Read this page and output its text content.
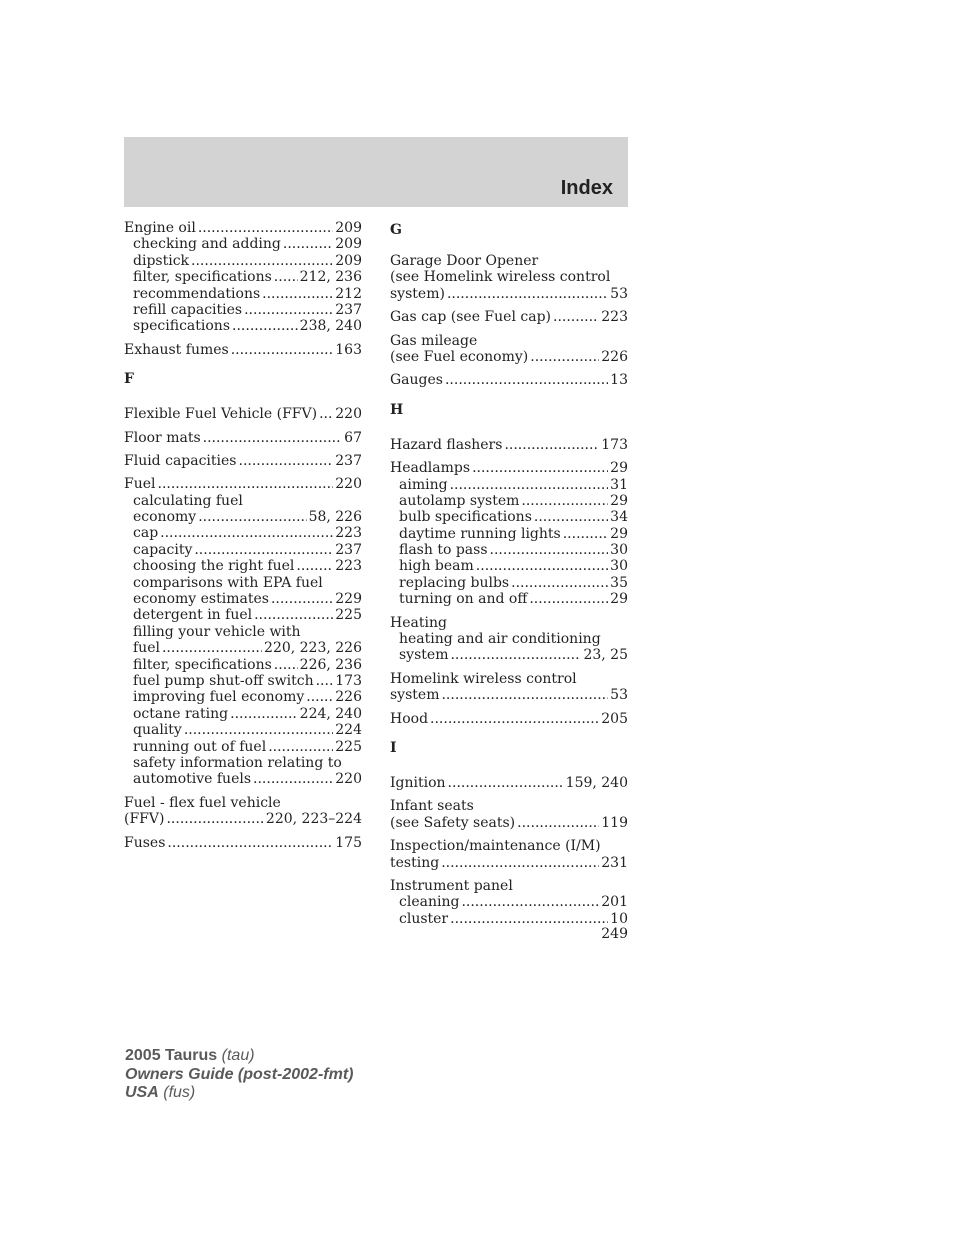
Index
Engine oil .....	209
checking and adding .....	209
dipstick .....	209
filter, specifications ..... 212, 236
recommendations .....	212
refill capacities .....	237
specifications .....	238, 240
Exhaust fumes .....	163
F
Flexible Fuel Vehicle (FFV) ..... 220
Floor mats .....	67
Fluid capacities .....	237
Fuel .....	220
calculating fuel
economy .....	58, 226
cap .....	223
capacity .....	237
choosing the right fuel .....	223
comparisons with EPA fuel
economy estimates .....	229
detergent in fuel .....	225
filling your vehicle with
fuel .....	220, 223, 226
filter, specifications ..... 226, 236
fuel pump shut-off switch ..... 173
improving fuel economy ..... 226
octane rating .....	224, 240
quality .....	224
running out of fuel .....	225
safety information relating to
automotive fuels .....	220
Fuel - flex fuel vehicle
(FFV) .....	220, 223–224
Fuses .....	175
G
Garage Door Opener
(see Homelink wireless control
system) .....	53
Gas cap (see Fuel cap) .....	223
Gas mileage
(see Fuel economy) .....	226
Gauges .....	13
H
Hazard flashers .....	173
Headlamps .....	29
aiming .....	31
autolamp system .....	29
bulb specifications .....	34
daytime running lights .....	29
flash to pass .....	30
high beam .....	30
replacing bulbs .....	35
turning on and off .....	29
Heating
heating and air conditioning
system .....	23, 25
Homelink wireless control
system .....	53
Hood .....	205
I
Ignition .....	159, 240
Infant seats
(see Safety seats) .....	119
Inspection/maintenance (I/M)
testing .....	231
Instrument panel
cleaning .....	201
cluster .....	10
249
2005 Taurus (tau)
Owners Guide (post-2002-fmt)
USA (fus)
